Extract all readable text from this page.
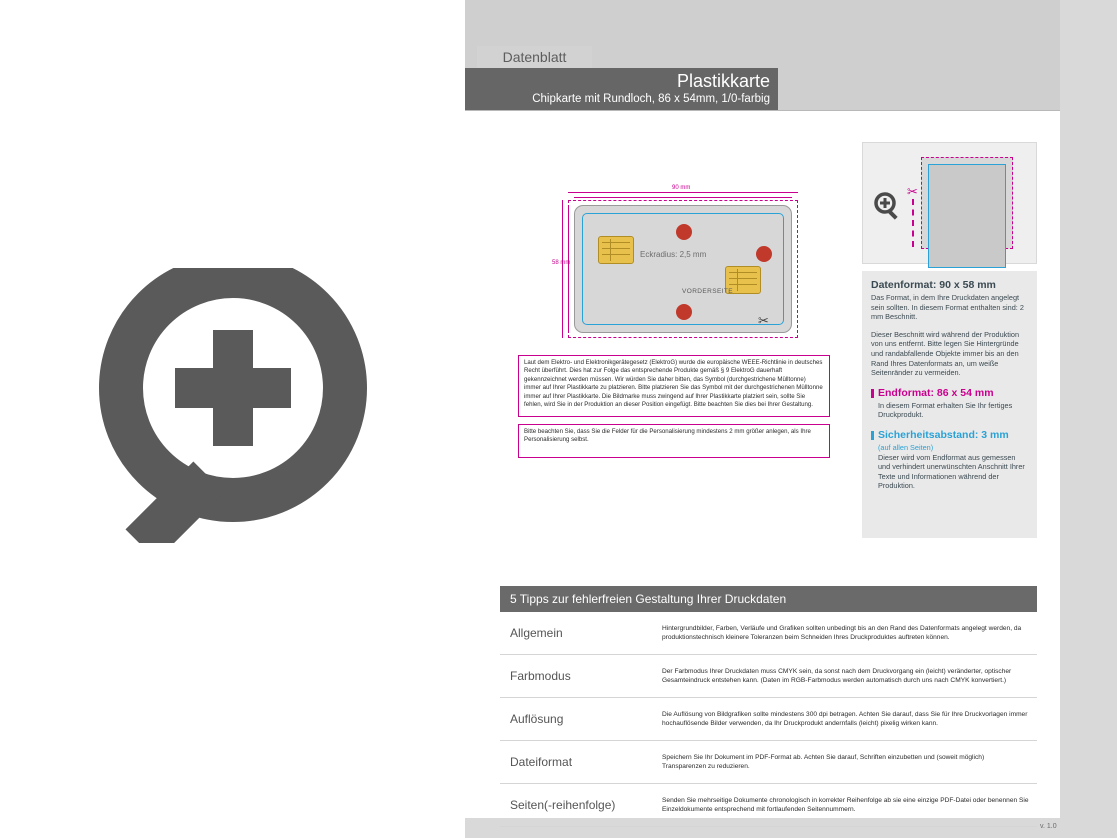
Datenblatt
Plastikkarte
Chipkarte mit Rundloch, 86 x 54mm, 1/0-farbig
90 mm
58 mm
Eckradius: 2,5 mm
VORDERSEITE
✂
Laut dem Elektro- und Elektronikgerätegesetz (ElektroG) wurde die europäische WEEE-Richtlinie in deutsches Recht überführt. Dies hat zur Folge das entsprechende Produkte gemäß § 9 ElektroG dauerhaft gekennzeichnet werden müssen. Wir würden Sie daher bitten, das Symbol (durchgestrichene Mülltonne) immer auf Ihrer Plastikkarte zu platzieren. Bitte platzieren Sie das Symbol mit der durchgestrichenen Mülltonne immer auf Ihrer Plastikkarte. Die Bildmarke muss zwingend auf Ihrer Plastikkarte platziert sein, sollte Sie fehlen, wird Sie in der Produktion an dieser Position eingefügt. Bitte beachten Sie dies bei Ihrer Gestaltung.
Bitte beachten Sie, dass Sie die Felder für die Personalisierung mindestens 2 mm größer anlegen, als Ihre Personalisierung selbst.
✂
Datenformat: 90 x 58 mm
Das Format, in dem Ihre Druckdaten angelegt sein sollten. In diesem Format enthalten sind: 2 mm Beschnitt.
Dieser Beschnitt wird während der Produktion von uns entfernt. Bitte legen Sie Hintergründe und randabfallende Objekte immer bis an den Rand Ihres Datenformats an, um weiße Seitenränder zu vermeiden.
Endformat: 86 x 54 mm
In diesem Format erhalten Sie Ihr fertiges Druckprodukt.
Sicherheitsabstand: 3 mm
(auf allen Seiten)
Dieser wird vom Endformat aus gemessen und verhindert unerwünschten Anschnitt Ihrer Texte und Informationen während der Produktion.
5 Tipps zur fehlerfreien Gestaltung Ihrer Druckdaten
Allgemein	Hintergrundbilder, Farben, Verläufe und Grafiken sollten unbedingt bis an den Rand des Datenformats angelegt werden, da produktionstechnisch kleinere Toleranzen beim Schneiden Ihres Druckproduktes auftreten können.
Farbmodus	Der Farbmodus Ihrer Druckdaten muss CMYK sein, da sonst nach dem Druckvorgang ein (leicht) veränderter, optischer Gesamteindruck entstehen kann. (Daten im RGB-Farbmodus werden automatisch durch uns nach CMYK konvertiert.)
Auflösung	Die Auflösung von Bildgrafiken sollte mindestens 300 dpi betragen. Achten Sie darauf, dass Sie für Ihre Druckvorlagen immer hochauflösende Bilder verwenden, da Ihr Druckprodukt andernfalls (leicht) pixelig wirken kann.
Dateiformat	Speichern Sie Ihr Dokument im PDF-Format ab. Achten Sie darauf, Schriften einzubetten und (soweit möglich) Transparenzen zu reduzieren.
Seiten(-reihenfolge)	Senden Sie mehrseitige Dokumente chronologisch in korrekter Reihenfolge ab sie eine einzige PDF-Datei oder benennen Sie Einzeldokumente entsprechend mit fortlaufenden Seitennummern.
v. 1.0
